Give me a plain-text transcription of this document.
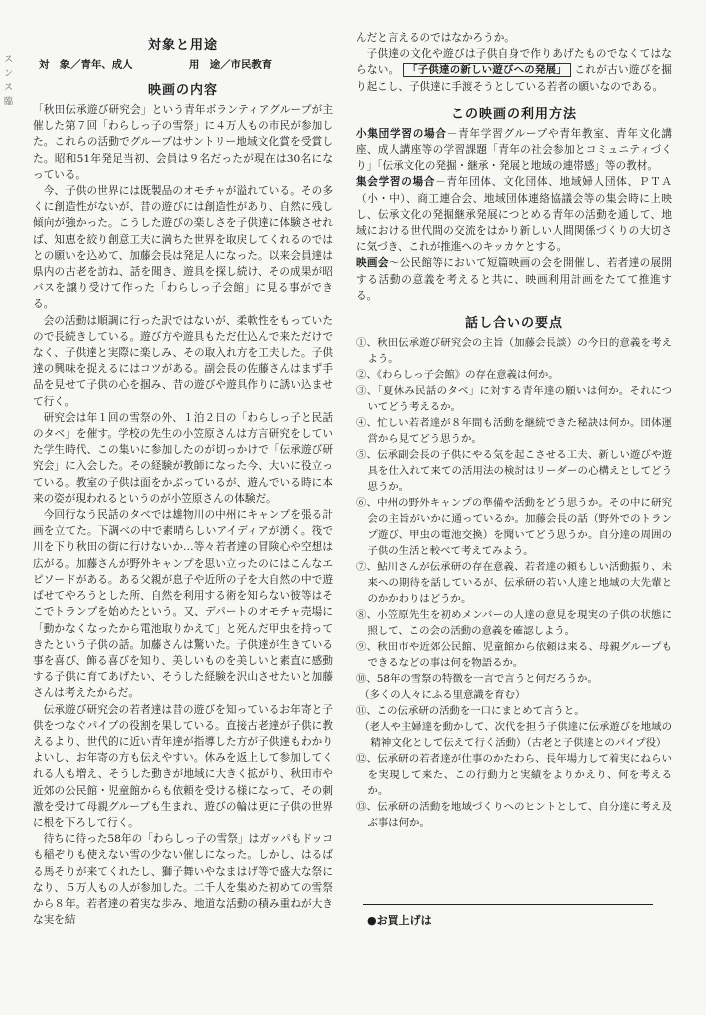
ス
ン
ス
臨
対象と用途
対　象／青年、成人	用　途／市民教育
映画の内容

「秋田伝承遊び研究会」という青年ボランティアグループが主催した第７回「わらしっ子の雪祭」に４万人もの市民が参加した。これらの活動でグループはサントリー地域文化賞を受賞した。昭和51年発足当初、会員は９名だったが現在は30名になっている。

今、子供の世界には既製品のオモチャが溢れている。その多くに創造性がないが、昔の遊びには創造性があり、自然に残し傾向が強かった。こうした遊びの楽しさを子供達に体験させれば、知恵を絞り創意工夫に満ちた世界を取戻してくれるのではとの願いを込めて、加藤会長は発足人になった。以来会員達は県内の古老を訪ね、話を聞き、遊具を探し続け、その成果が昭バスを譲り受けて作った「わらしっ子会館」に見る事ができる。

会の活動は順調に行った訳ではないが、柔軟性をもっていたので長続きしている。遊び方や遊具もただ仕込んで来ただけでなく、子供達と実際に楽しみ、その取入れ方を工夫した。子供達の興味を捉えるにはコツがある。副会長の佐藤さんはまず手品を見せて子供の心を掴み、昔の遊びや遊具作りに誘い込ませて行く。

研究会は年１回の雪祭の外、１泊２日の「わらしっ子と民話のタベ」を催す。学校の先生の小笠原さんは方言研究をしていた学生時代、この集いに参加したのが切っかけで「伝承遊び研究会」に入会した。その経験が教師になった今、大いに役立っている。教室の子供は面をかぶっているが、遊んでいる時に本来の姿が現われるというのが小笠原さんの体験だ。

今回行なう民話のタベでは雄物川の中州にキャンプを張る計画を立てた。下調べの中で素晴らしいアイディアが湧く。筏で川を下り秋田の街に行けないか…等々若者達の冒険心や空想は広がる。加藤さんが野外キャンプを思い立ったのにはこんなエピソードがある。ある父親が息子や近所の子を大自然の中で遊ばせてやろうとした所、自然を利用する術を知らない彼等はそこでトランプを始めたという。又、デパートのオモチャ売場に「動かなくなったから電池取りかえて」と死んだ甲虫を持ってきたという子供の話。加藤さんは驚いた。子供達が生きている事を喜び、飾る喜びを知り、美しいものを美しいと素直に感動する子供に育てあげたい、そうした経験を沢山させたいと加藤さんは考えたからだ。

伝承遊び研究会の若者達は昔の遊びを知っているお年寄と子供をつなぐパイプの役割を果している。直接古老達が子供に教えるより、世代的に近い青年達が指導した方が子供達もわかりよいし、お年寄の方も伝えやすい。休みを返上して参加してくれる人も増え、そうした動きが地域に大きく拡がり、秋田市や近郊の公民館・児童館からも依頼を受ける様になって、その刺激を受けて母親グループも生まれ、遊びの輪は更に子供の世界に根を下ろして行く。

待ちに待った58年の「わらしっ子の雪祭」はガッパもドッコも稲ぞりも使えない雪の少ない催しになった。しかし、はるばる馬そりが来てくれたし、獅子舞いやなまはげ等で盛大な祭になり、５万人もの人が参加した。二千人を集めた初めての雪祭から８年。若者達の着実な歩み、地道な活動の積み重ねが大きな実を結

んだと言えるのではなかろうか。

子供達の文化や遊びは子供自身で作りあげたものでなくてはならない。 「子供達の新しい遊びへの発展」 これが古い遊びを掘り起こし、子供達に手渡そうとしている若者の願いなのである。

この映画の利用方法

小集団学習の場合－青年学習グループや青年教室、青年文化講座、成人講座等の学習課題「青年の社会参加とコミュニティづくり」「伝承文化の発掘・継承・発展と地域の連帯感」等の教材。

集会学習の場合－青年団体、文化団体、地域婦人団体、ＰＴＡ（小・中）、商工連合会、地域団体連絡協議会等の集会時に上映し、伝承文化の発掘継承発展につとめる青年の活動を通して、地域における世代間の交流をはかり新しい人間関係づくりの大切さに気づき、これが推進へのキッカケとする。

映画会～公民館等において短篇映画の会を開催し、若者達の展開する活動の意義を考えると共に、映画利用計画をたてて推進する。

話し合いの要点
①、秋田伝承遊び研究会の主旨（加藤会長談）の今日的意義を考えよう。
②、《わらしっ子会館》の存在意義は何か。
③、「夏休み民話のタベ」に対する青年達の願いは何か。それについてどう考えるか。
④、忙しい若者達が８年間も活動を継続できた秘訣は何か。団体運営から見てどう思うか。
⑤、伝承副会長の子供にやる気を起こさせる工夫、新しい遊びや遊具を仕入れて来ての活用法の検討はリーダーの心構えとしてどう思うか。
⑥、中州の野外キャンプの準備や活動をどう思うか。その中に研究会の主旨がいかに通っているか。加藤会長の話（野外でのトランプ遊び、甲虫の電池交換）を聞いてどう思うか。自分達の周囲の子供の生活と較べて考えてみよう。
⑦、鮎川さんが伝承研の存在意義、若者達の頼もしい活動振り、未来への期待を話しているが、伝承研の若い人達と地域の大先輩とのかかわりはどうか。
⑧、小笠原先生を初めメンバーの人達の意見を現実の子供の状態に照して、この会の活動の意義を確認しよう。
⑨、秋田市や近郊公民館、児童館から依頼は来る、母親グループもできるなどの事は何を物語るか。
⑩、58年の雪祭の特徴を一言で言うと何だろうか。
（多くの人々にふる里意識を育む）
⑪、この伝承研の活動を一口にまとめて言うと。
（老人や主婦達を動かして、次代を担う子供達に伝承遊びを地域の精神文化として伝えて行く活動）（古老と子供達とのパイプ役）
⑫、伝承研の若者達が仕事のかたわら、長年場力して着実にねらいを実現して来た、この行動力と実績をよりかえり、何を考えるか。
⑬、伝承研の活動を地域づくりへのヒントとして、自分達に考え及ぶ事は何か。
●お買上げは
